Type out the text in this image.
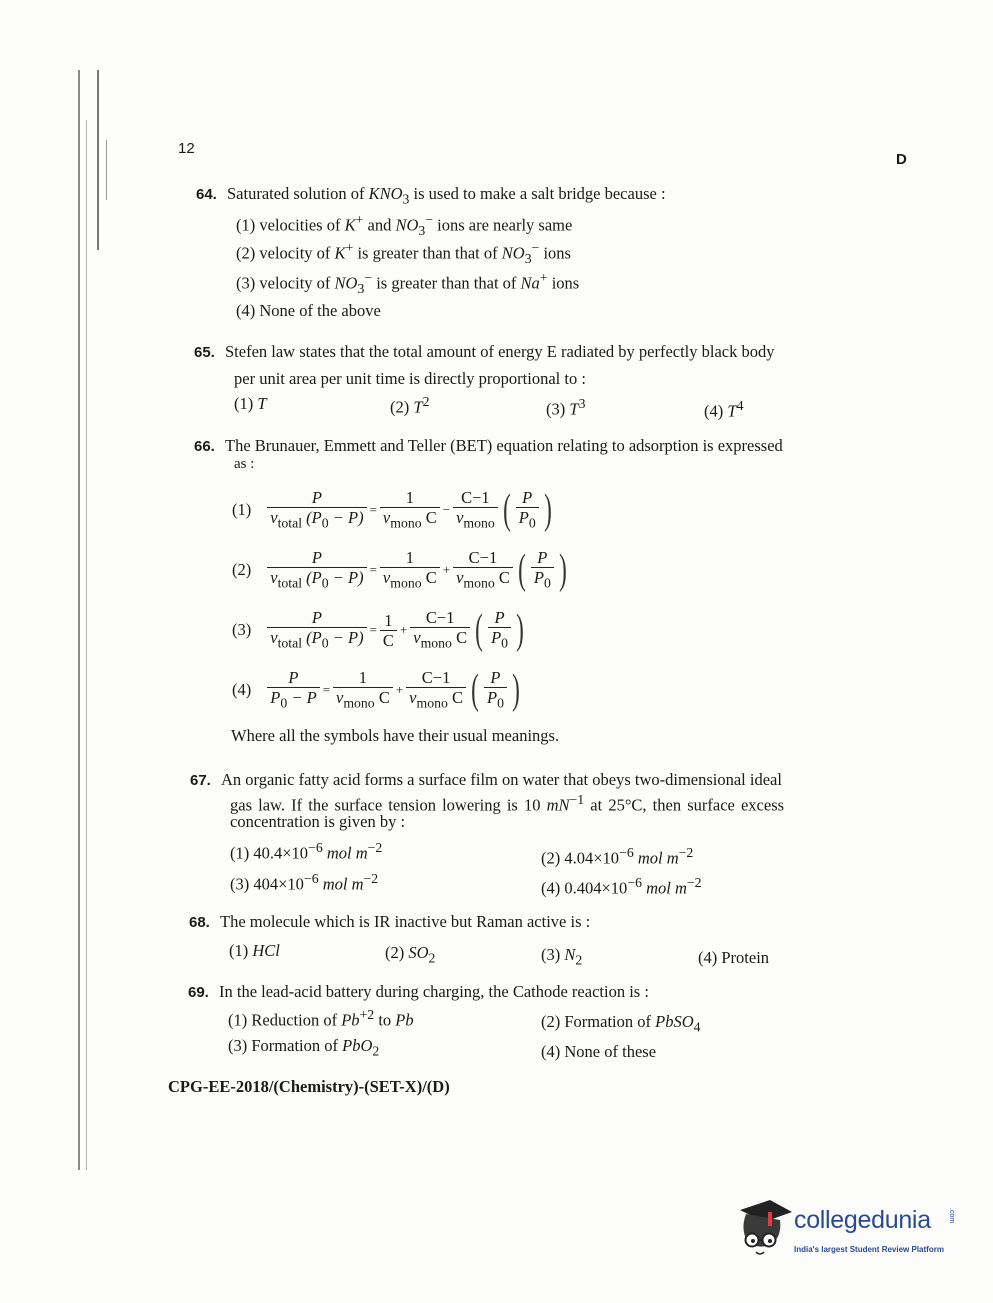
12
D
64. Saturated solution of $KNO_3$ is used to make a salt bridge because :
(1) velocities of K+ and $NO_3^-$ ions are nearly same
(2) velocity of K+ is greater than that of $NO_3^-$ ions
(3) velocity of $NO_3^-$ is greater than that of Na+ ions
(4) None of the above
65. Stefen law states that the total amount of energy E radiated by perfectly black body
per unit area per unit time is directly proportional to :
(1) T	(2) $T^2$	(3) $T^3$	(4) $T^4$
66. The Brunauer, Emmett and Teller (BET) equation relating to adsorption is expressed
as :
$(1) \frac{P}{v_{total} (P_0 - P)} = \frac{1}{v_{mono} C} - \frac{C-1}{v_{mono}}$ ( $\frac{P}{P_0}$ )
$(2) \frac{P}{v_{total} (P_0 - P)} = \frac{1}{v_{mono} C} + \frac{C-1}{v_{mono} C}$ ( $\frac{P}{P_0}$ )
$(3) \frac{P}{v_{total} (P_0 - P)} = \frac{1}{C} + \frac{C-1}{v_{mono} C}$ ( $\frac{P}{P_0}$ )
$(4) \frac{P}{P_0 - P} = \frac{1}{v_{mono} C} + \frac{C-1}{v_{mono} C}$ ( $\frac{P}{P_0}$ )
Where all the symbols have their usual meanings.
67. An organic fatty acid forms a surface film on water that obeys two-dimensional ideal
gas law. If the surface tension lowering is 10 $mN^{-1}$ at 25°C, then surface excess
concentration is given by :
(1) $40.4\times 10^{-6}$ mol $m^{-2}$
(2) $4.04\times 10^{-6}$ mol $m^{-2}$
(3) $404\times 10^{-6}$ mol $m^{-2}$	(4) $0.404\times 10^{-6}$ mol $m^{-2}$
68. The molecule which is IR inactive but Raman active is :
(1) HCl	(2) $SO_2$	(3) $N_2$	(4) Protein
69. In the lead-acid battery during charging, the Cathode reaction is :
(1) Reduction of $Pb^{+2}$ to Pb	(2) Formation of PbSO$_4$
(3) Formation of PbO$_2$	(4) None of these
CPG-EE-2018/(Chemistry)-(SET-X)/(D)
collegedunia .com
India's largest Student Review Platform
